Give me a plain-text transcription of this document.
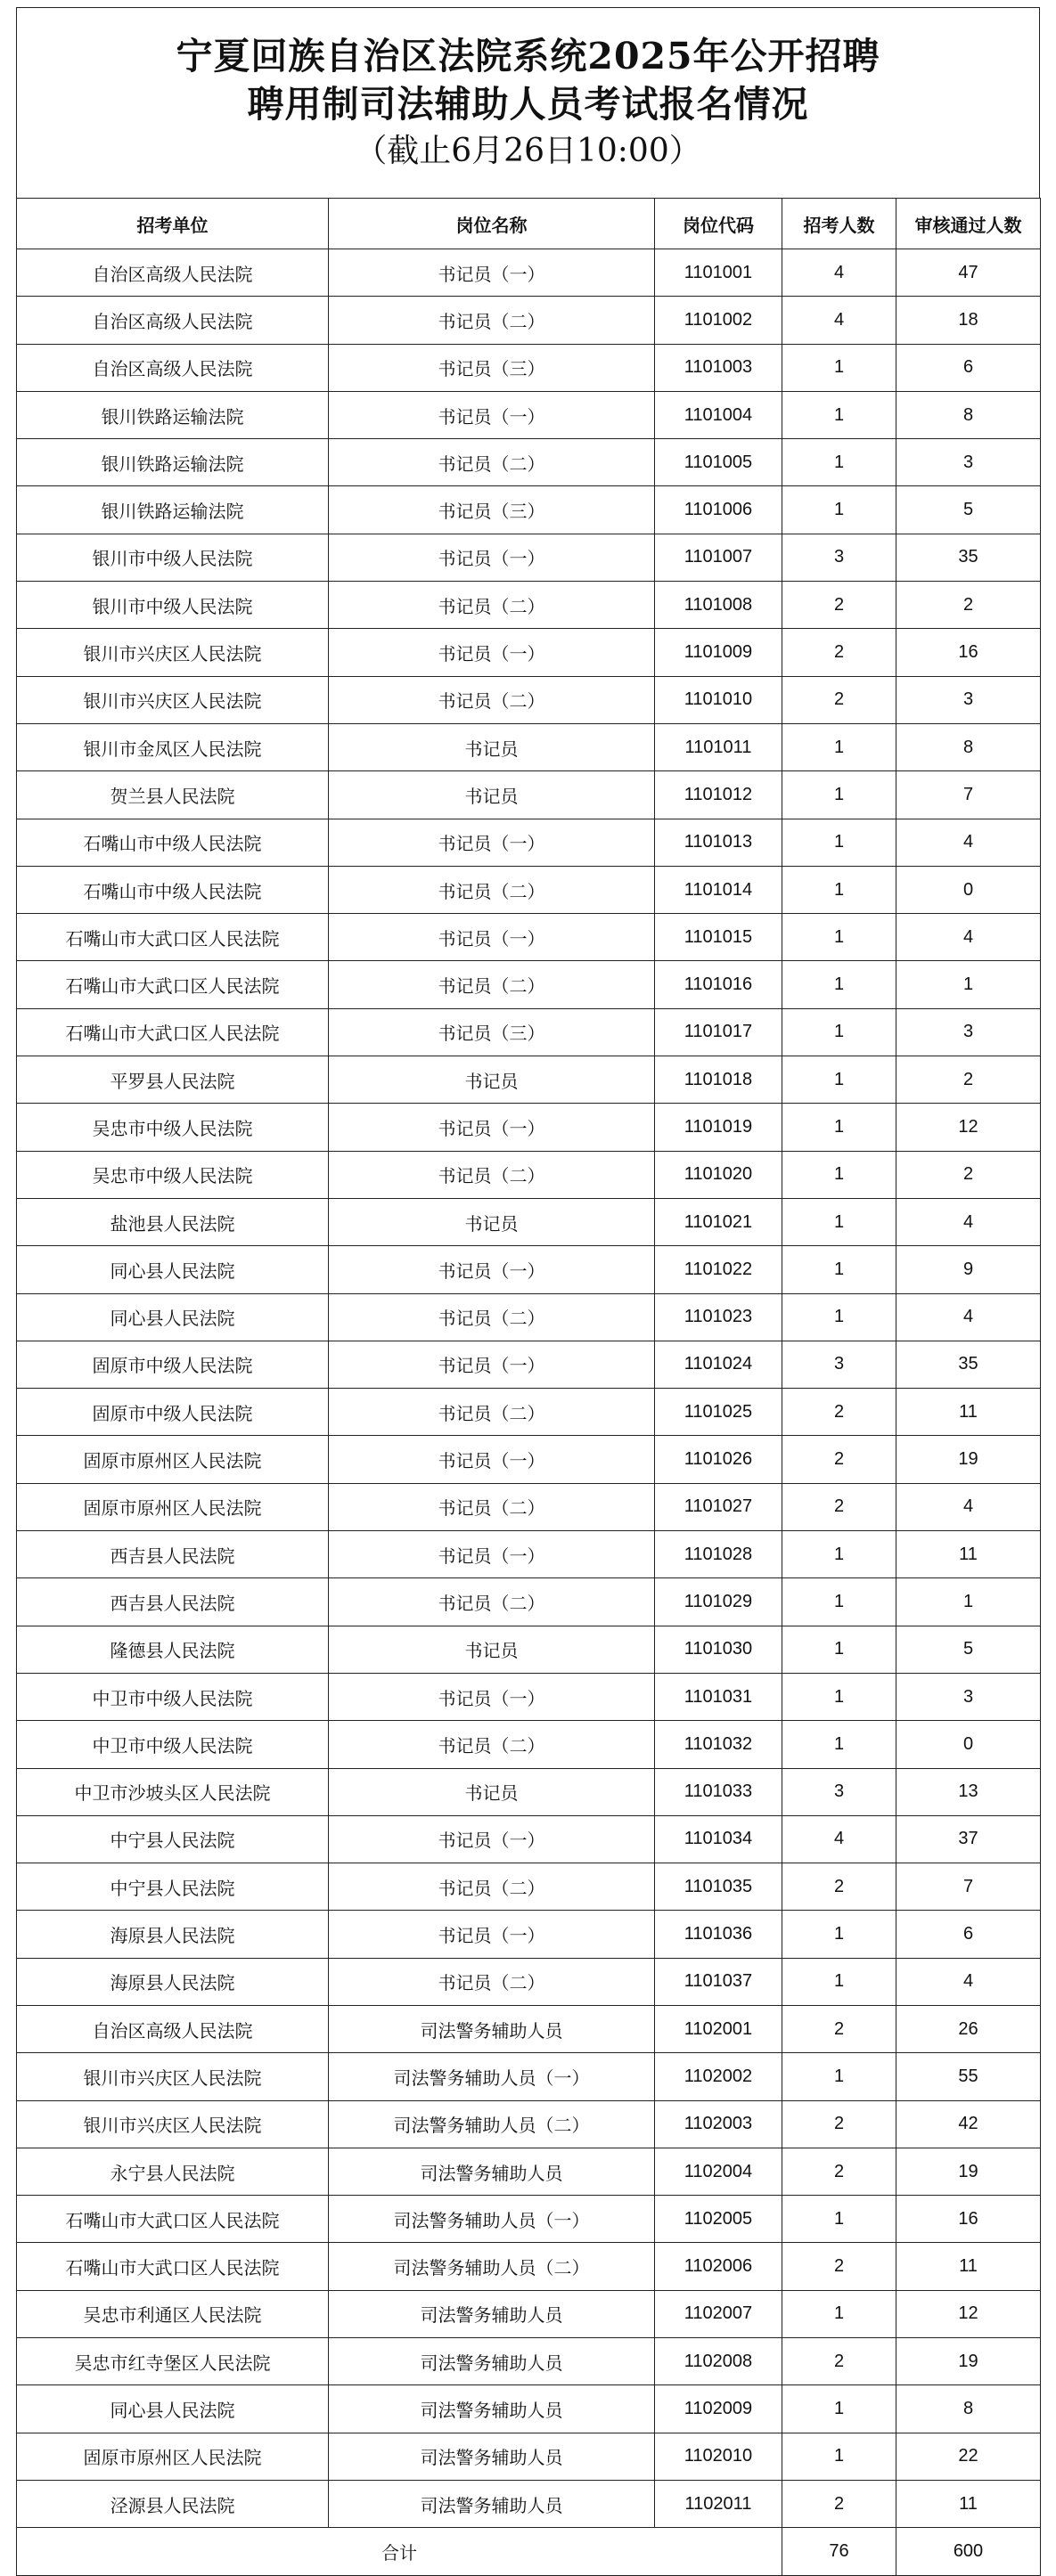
宁夏回族自治区法院系统2025年公开招聘
聘用制司法辅助人员考试报名情况
（截止6月26日10:00）
招考单位	岗位名称	岗位代码	招考人数	审核通过人数
自治区高级人民法院	书记员（一）	1101001	4	47
自治区高级人民法院	书记员（二）	1101002	4	18
自治区高级人民法院	书记员（三）	1101003	1	6
银川铁路运输法院	书记员（一）	1101004	1	8
银川铁路运输法院	书记员（二）	1101005	1	3
银川铁路运输法院	书记员（三）	1101006	1	5
银川市中级人民法院	书记员（一）	1101007	3	35
银川市中级人民法院	书记员（二）	1101008	2	2
银川市兴庆区人民法院	书记员（一）	1101009	2	16
银川市兴庆区人民法院	书记员（二）	1101010	2	3
银川市金凤区人民法院	书记员	1101011	1	8
贺兰县人民法院	书记员	1101012	1	7
石嘴山市中级人民法院	书记员（一）	1101013	1	4
石嘴山市中级人民法院	书记员（二）	1101014	1	0
石嘴山市大武口区人民法院	书记员（一）	1101015	1	4
石嘴山市大武口区人民法院	书记员（二）	1101016	1	1
石嘴山市大武口区人民法院	书记员（三）	1101017	1	3
平罗县人民法院	书记员	1101018	1	2
吴忠市中级人民法院	书记员（一）	1101019	1	12
吴忠市中级人民法院	书记员（二）	1101020	1	2
盐池县人民法院	书记员	1101021	1	4
同心县人民法院	书记员（一）	1101022	1	9
同心县人民法院	书记员（二）	1101023	1	4
固原市中级人民法院	书记员（一）	1101024	3	35
固原市中级人民法院	书记员（二）	1101025	2	11
固原市原州区人民法院	书记员（一）	1101026	2	19
固原市原州区人民法院	书记员（二）	1101027	2	4
西吉县人民法院	书记员（一）	1101028	1	11
西吉县人民法院	书记员（二）	1101029	1	1
隆德县人民法院	书记员	1101030	1	5
中卫市中级人民法院	书记员（一）	1101031	1	3
中卫市中级人民法院	书记员（二）	1101032	1	0
中卫市沙坡头区人民法院	书记员	1101033	3	13
中宁县人民法院	书记员（一）	1101034	4	37
中宁县人民法院	书记员（二）	1101035	2	7
海原县人民法院	书记员（一）	1101036	1	6
海原县人民法院	书记员（二）	1101037	1	4
自治区高级人民法院	司法警务辅助人员	1102001	2	26
银川市兴庆区人民法院	司法警务辅助人员（一）	1102002	1	55
银川市兴庆区人民法院	司法警务辅助人员（二）	1102003	2	42
永宁县人民法院	司法警务辅助人员	1102004	2	19
石嘴山市大武口区人民法院	司法警务辅助人员（一）	1102005	1	16
石嘴山市大武口区人民法院	司法警务辅助人员（二）	1102006	2	11
吴忠市利通区人民法院	司法警务辅助人员	1102007	1	12
吴忠市红寺堡区人民法院	司法警务辅助人员	1102008	2	19
同心县人民法院	司法警务辅助人员	1102009	1	8
固原市原州区人民法院	司法警务辅助人员	1102010	1	22
泾源县人民法院	司法警务辅助人员	1102011	2	11
合计			76	600
